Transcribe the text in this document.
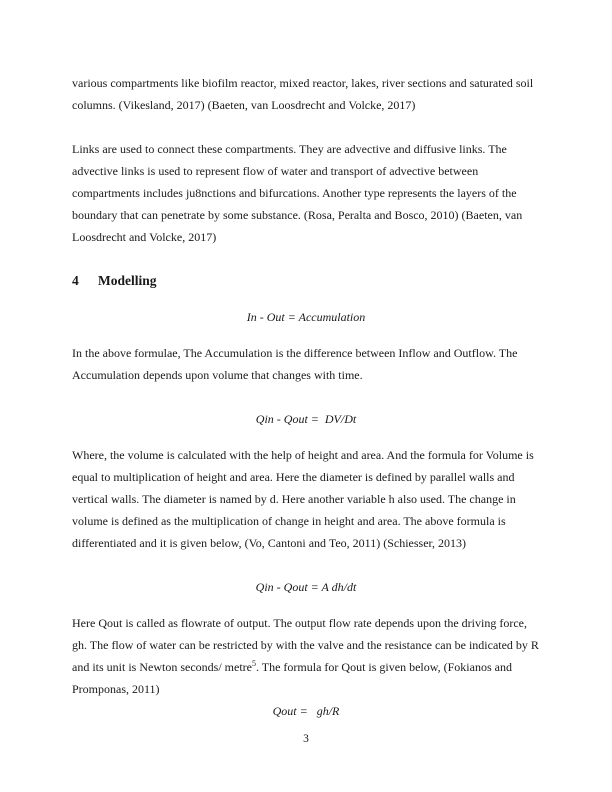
various compartments like biofilm reactor, mixed reactor, lakes, river sections and saturated soil columns. (Vikesland, 2017) (Baeten, van Loosdrecht and Volcke, 2017)

Links are used to connect these compartments. They are advective and diffusive links. The advective links is used to represent flow of water and transport of advective between compartments includes ju8nctions and bifurcations. Another type represents the layers of the boundary that can penetrate by some substance. (Rosa, Peralta and Bosco, 2010) (Baeten, van Loosdrecht and Volcke, 2017)

4 Modelling

In - Out = Accumulation

In the above formulae, The Accumulation is the difference between Inflow and Outflow. The Accumulation depends upon volume that changes with time.

Qin - Qout =  DV/Dt

Where, the volume is calculated with the help of height and area. And the formula for Volume is equal to multiplication of height and area. Here the diameter is defined by parallel walls and vertical walls. The diameter is named by d. Here another variable h also used. The change in volume is defined as the multiplication of change in height and area. The above formula is differentiated and it is given below, (Vo, Cantoni and Teo, 2011) (Schiesser, 2013)

Qin - Qout = A dh/dt

Here Qout is called as flowrate of output. The output flow rate depends upon the driving force,   gh. The flow of water can be restricted by with the valve and the resistance can be indicated by R and its unit is Newton seconds/ metre$^5$. The formula for Qout is given below, (Fokianos and Promponas, 2011)

Qout =   gh/R

3
